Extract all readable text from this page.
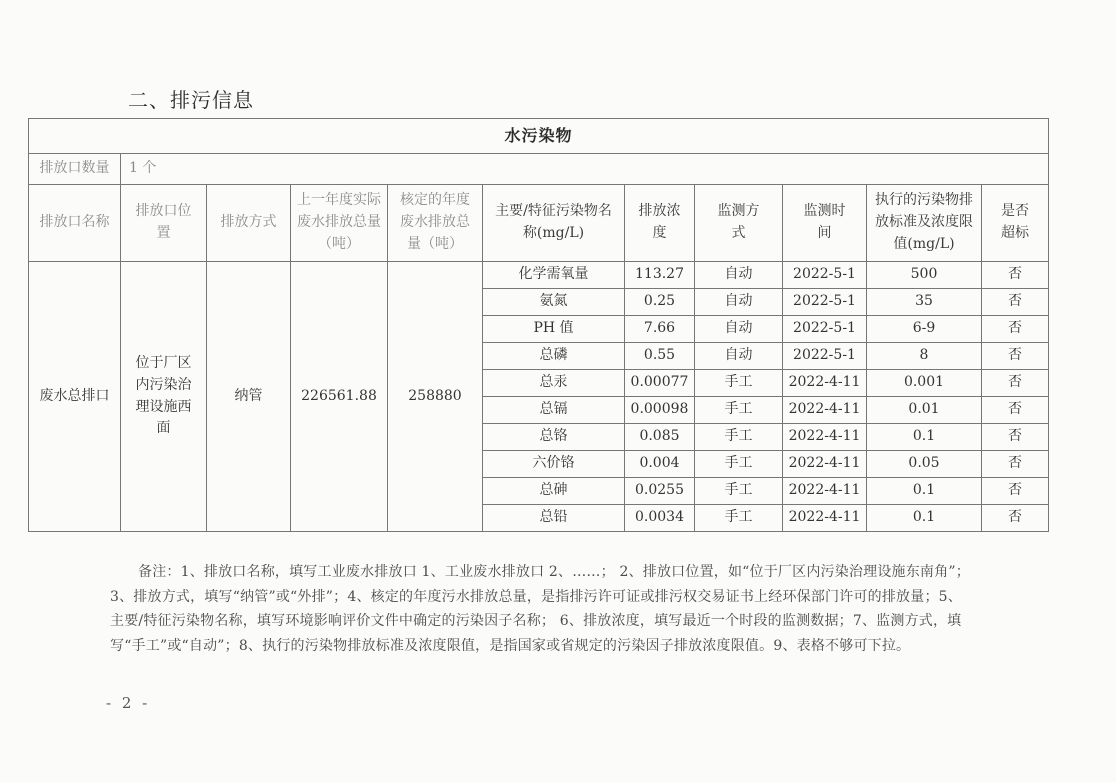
二、排污信息
水污染物										
排放口数量	1 个									
排放口名称	排放口位置	排放方式	上一年度实际废水排放总量（吨）	核定的年度废水排放总量（吨）	主要/特征污染物名称(mg/L)	排放浓度	监测方式	监测时间	执行的污染物排放标准及浓度限值(mg/L)	是否超标
废水总排口	位于厂区内污染治理设施西面	纳管	226561.88	258880	化学需氧量	113.27	自动	2022-5-1	500	否
					氨氮	0.25	自动	2022-5-1	35	否
					PH 值	7.66	自动	2022-5-1	6-9	否
					总磷	0.55	自动	2022-5-1	8	否
					总汞	0.00077	手工	2022-4-11	0.001	否
					总镉	0.00098	手工	2022-4-11	0.01	否
					总铬	0.085	手工	2022-4-11	0.1	否
					六价铬	0.004	手工	2022-4-11	0.05	否
					总砷	0.0255	手工	2022-4-11	0.1	否
					总铅	0.0034	手工	2022-4-11	0.1	否
备注：1、排放口名称，填写工业废水排放口 1、工业废水排放口 2、……； 2、排放口位置，如“位于厂区内污染治理设施东南角”；3、排放方式，填写“纳管”或“外排”；4、核定的年度污水排放总量，是指排污许可证或排污权交易证书上经环保部门许可的排放量；5、主要/特征污染物名称，填写环境影响评价文件中确定的污染因子名称； 6、排放浓度，填写最近一个时段的监测数据；7、监测方式，填写“手工”或“自动”；8、执行的污染物排放标准及浓度限值，是指国家或省规定的污染因子排放浓度限值。9、表格不够可下拉。
- 2 -
